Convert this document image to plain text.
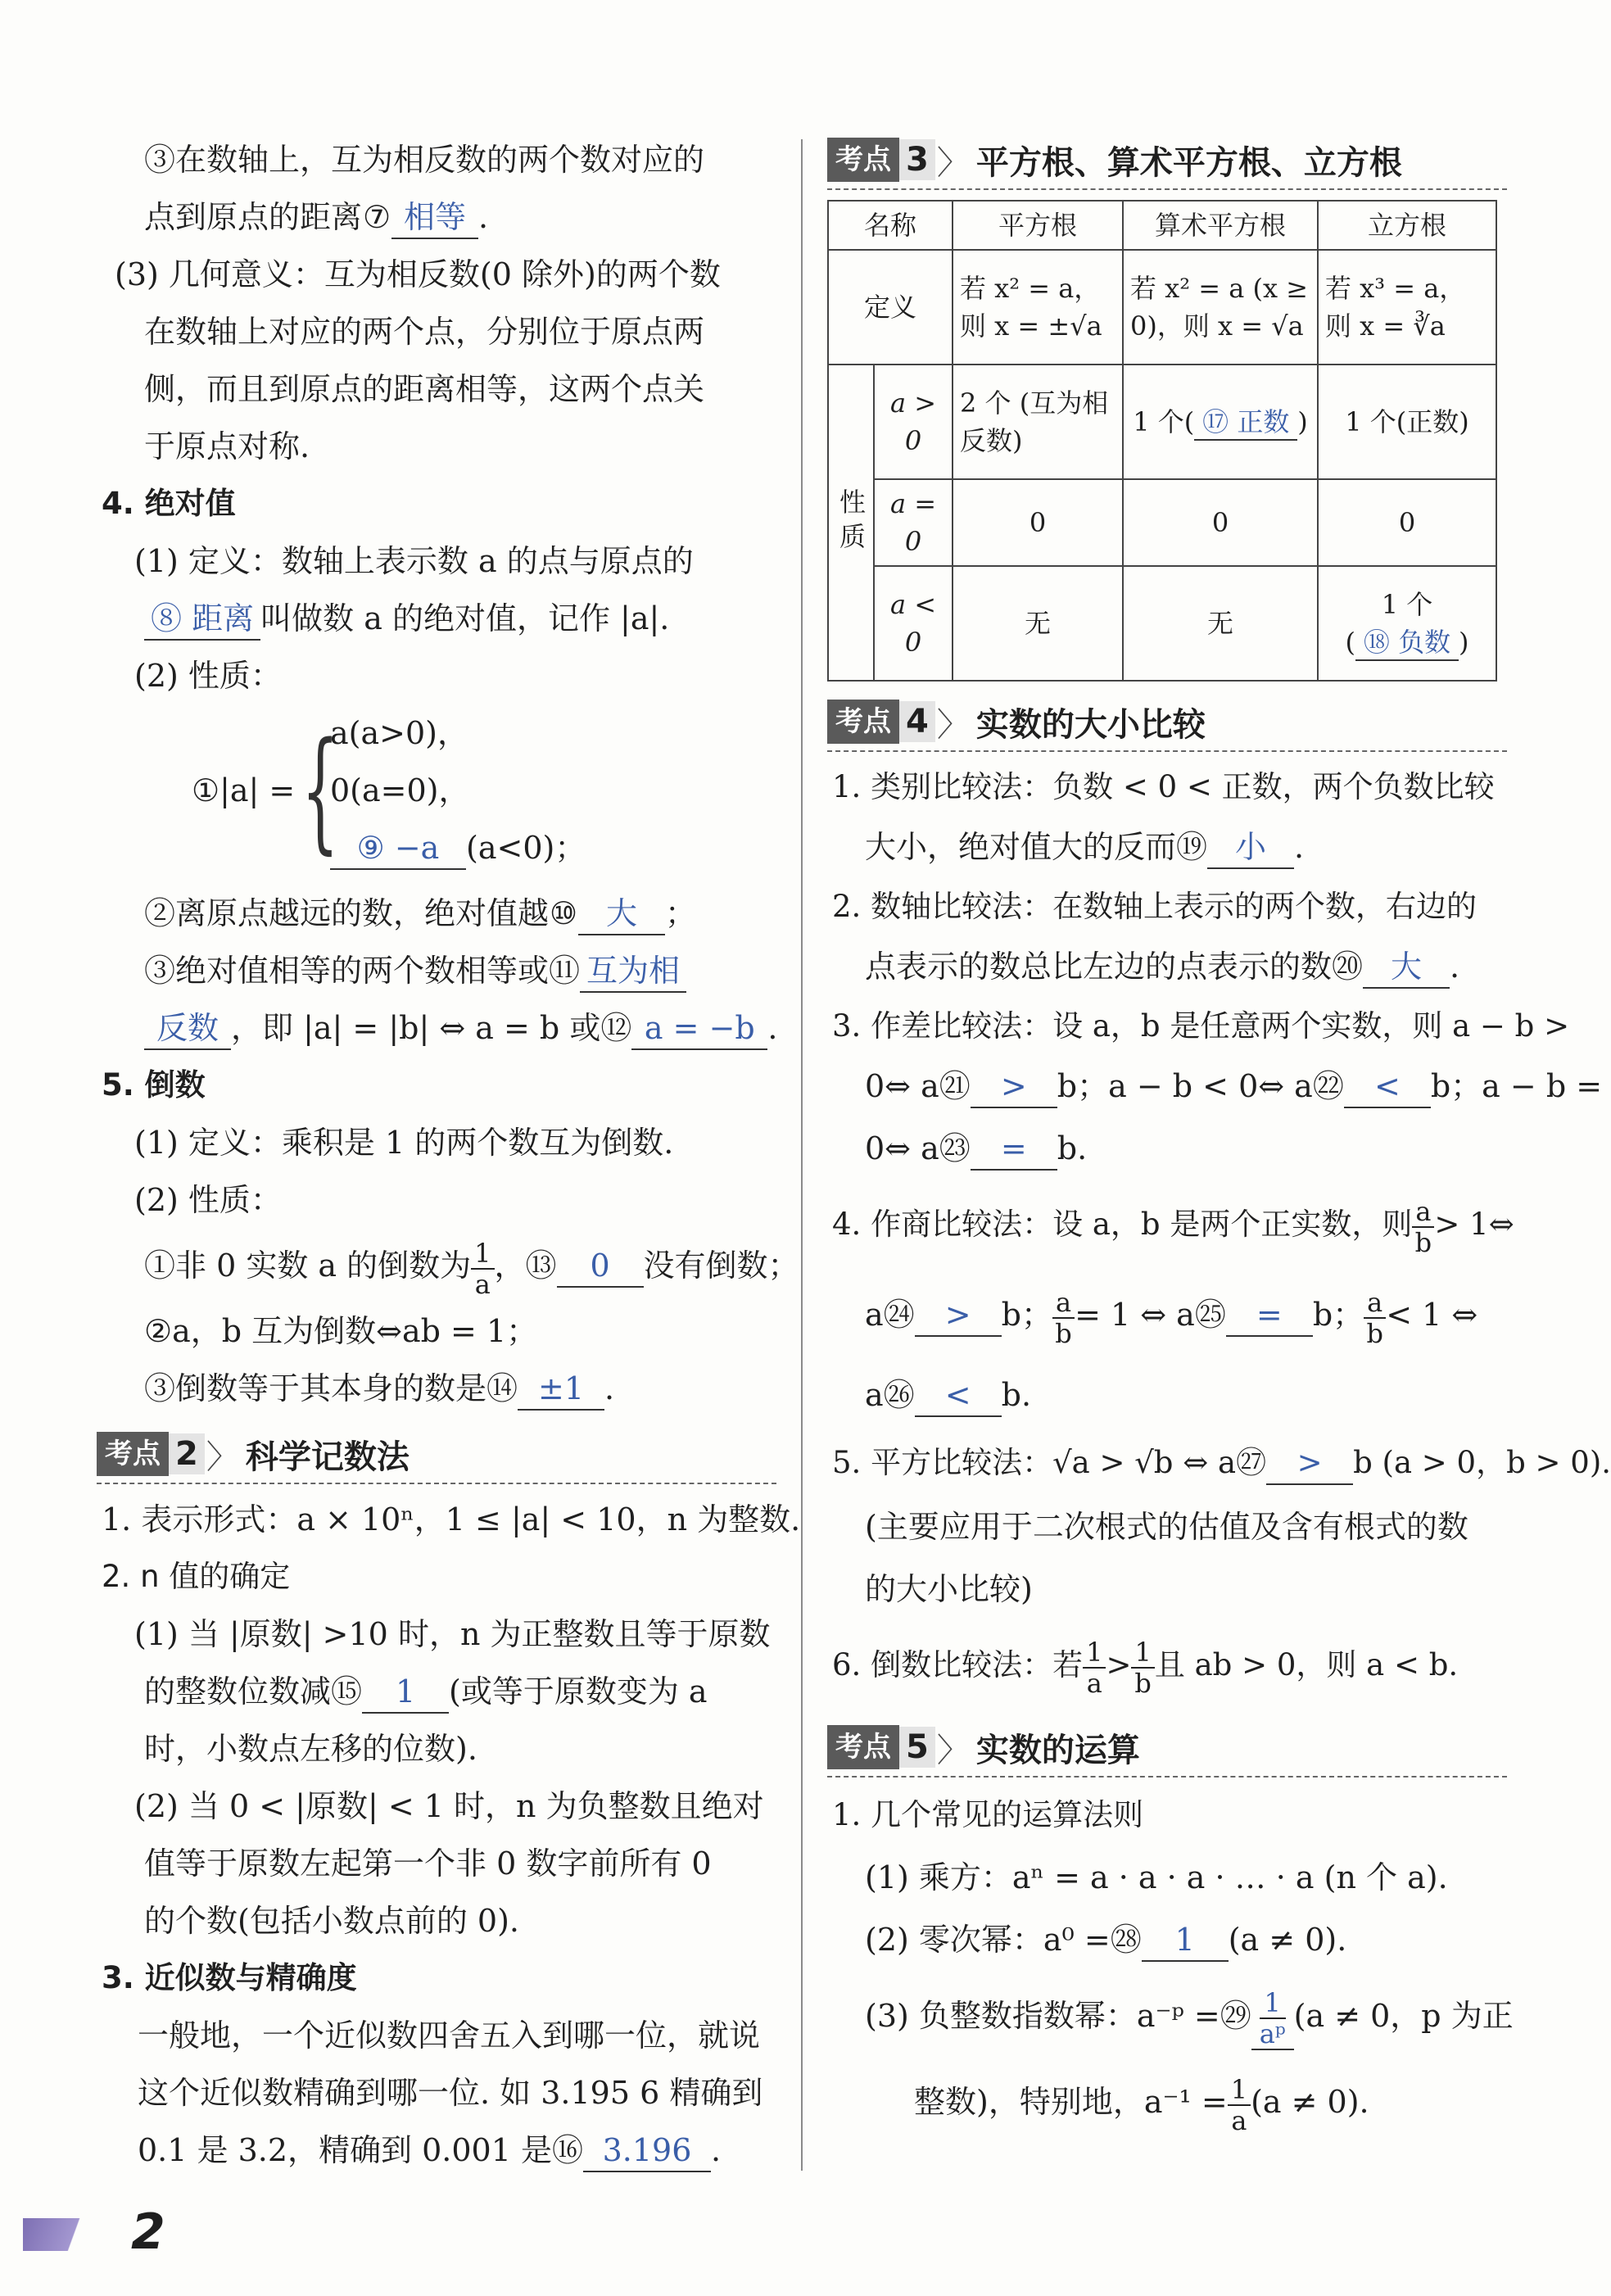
2
③在数轴上，互为相反数的两个数对应的
点到原点的距离⑦ 相等 .
(3) 几何意义：互为相反数(0 除外)的两个数
在数轴上对应的两个点，分别位于原点两
侧，而且到原点的距离相等，这两个点关
于原点对称.
4. 绝对值
(1) 定义：数轴上表示数 a 的点与原点的
⑧ 距离 叫做数 a 的绝对值，记作 |a|.
(2) 性质：
①|a| = {
a(a>0)，
0(a=0)，
⑨ −a (a<0)；
②离原点越远的数，绝对值越⑩ 大 ；
③绝对值相等的两个数相等或⑪ 互为相
反数 ，即 |a| = |b| ⇔ a = b 或⑫ a = −b .
5. 倒数
(1) 定义：乘积是 1 的两个数互为倒数.
(2) 性质：
①非 0 实数 a 的倒数为 $\frac{1}{a}$ ，⑬ 0 没有倒数；
②a，b 互为倒数⇔ab = 1；
③倒数等于其本身的数是⑭ ±1 .
考点 2 〉 科学记数法
1. 表示形式：a × 10ⁿ，1 ≤ |a| < 10，n 为整数.
2. n 值的确定
(1) 当 |原数| >10 时，n 为正整数且等于原数
的整数位数减⑮ 1 (或等于原数变为 a
时，小数点左移的位数).
(2) 当 0 < |原数| < 1 时，n 为负整数且绝对
值等于原数左起第一个非 0 数字前所有 0
的个数(包括小数点前的 0).
3. 近似数与精确度
一般地，一个近似数四舍五入到哪一位，就说
这个近似数精确到哪一位. 如 3.195 6 精确到
0.1 是 3.2，精确到 0.001 是⑯ 3.196 .
考点 3 〉 平方根、算术平方根、立方根
名称		平方根	算术平方根	立方根
定义		若 x² = a，则 x = ±√a	若 x² = a (x ≥ 0)，则 x = √a	若 x³ = a，则 x = ∛a
性质	a > 0	2 个 (互为相反数)	1 个( ⑰ 正数 )	1 个(正数)
	a = 0	0	0	0
	a < 0	无	无	1 个
( ⑱ 负数 )
考点 4 〉 实数的大小比较
1. 类别比较法：负数 < 0 < 正数，两个负数比较
大小，绝对值大的反而⑲ 小 .
2. 数轴比较法：在数轴上表示的两个数，右边的
点表示的数总比左边的点表示的数⑳ 大 .
3. 作差比较法：设 a，b 是任意两个实数，则 a − b >
0⇔ a㉑ > b；a − b < 0⇔ a㉒ < b；a − b =
0⇔ a㉓ = b.
4. 作商比较法：设 a，b 是两个正实数，则 $\frac{a}{b}$ > 1⇔
a㉔ > b； $\frac{a}{b} = 1$ ⇔ a㉕ = b； $\frac{a}{b} < 1$ ⇔
a㉖ < b.
5. 平方比较法：√a > √b ⇔ a㉗ > b (a > 0，b > 0).
(主要应用于二次根式的估值及含有根式的数
的大小比较)
6. 倒数比较法：若 $\frac{1}{a} > \frac{1}{b}$ 且 ab > 0，则 a < b.
考点 5 〉 实数的运算
1. 几个常见的运算法则
(1) 乘方：aⁿ = a · a · a · … · a (n 个 a).
(2) 零次幂：a⁰ =㉘ 1 (a ≠ 0).
(3) 负整数指数幂：a⁻ᵖ =㉙ $\frac{1}{\text{aᵖ}} (a \ne 0$，p 为正
整数)，特别地，$a^{-1} = \frac{1}{a} (a \ne 0)$.
